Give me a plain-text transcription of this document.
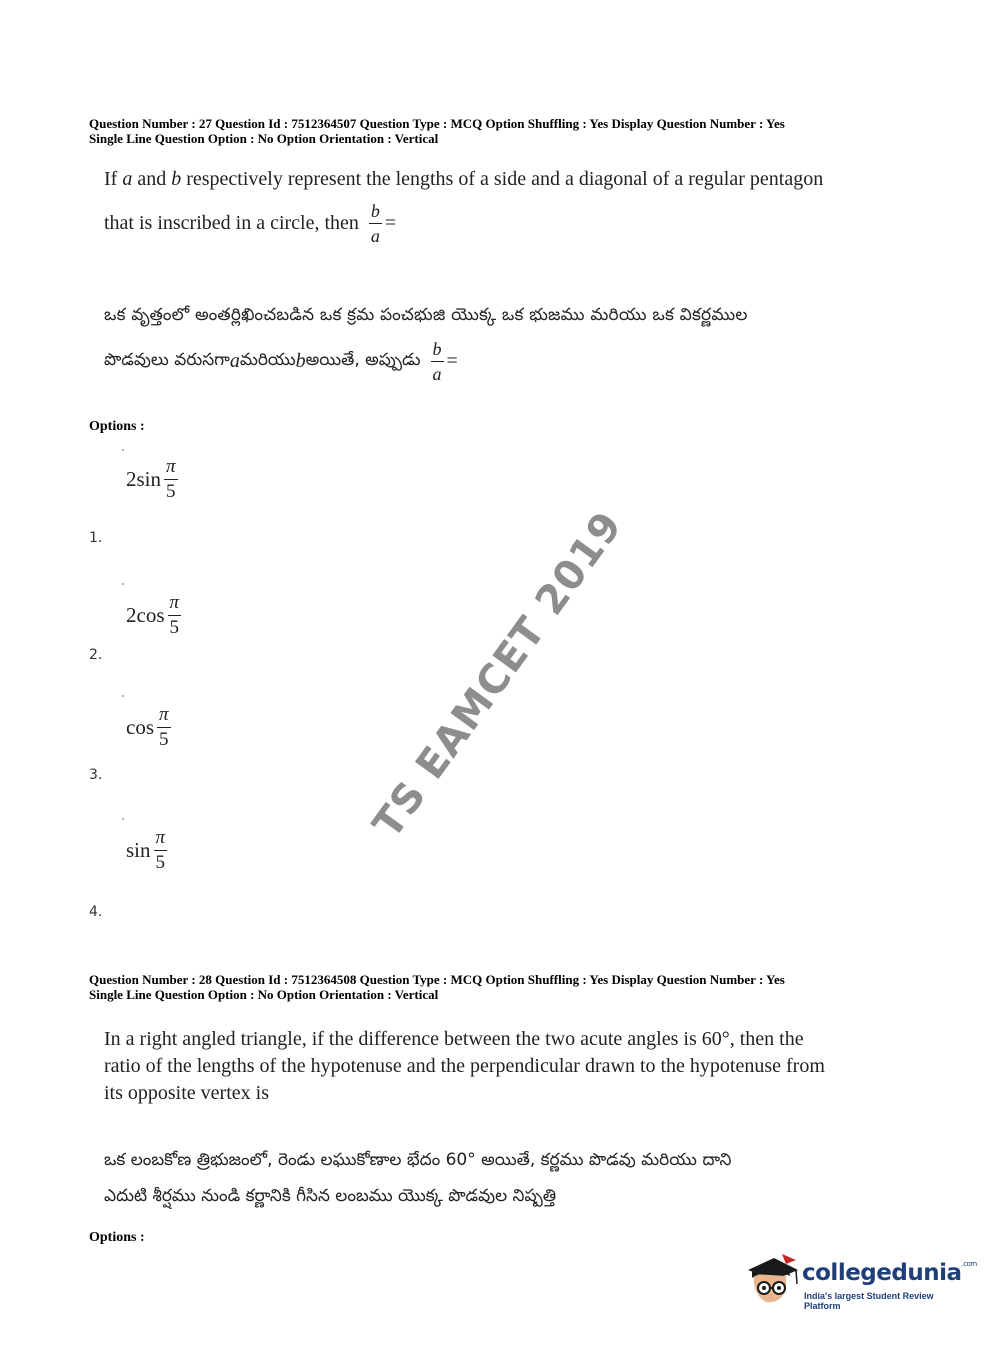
Question Number : 27 Question Id : 7512364507 Question Type : MCQ Option Shuffling : Yes Display Question Number : Yes
Single Line Question Option : No Option Orientation : Vertical
If a and b respectively represent the lengths of a side and a diagonal of a regular pentagon
that is inscribed in a circle, then $\frac{b}{a}$ =
ఒక వృత్తంలో అంతర్లిఖించబడిన ఒక క్రమ పంచభుజి యొక్క ఒక భుజము మరియు ఒక వికర్ణముల
పొడవులు వరుసగా a మరియు b అయితే, అప్పుడు $\frac{b}{a}$ =
Options :
2 $\sin \frac{\pi}{5}$
1.
2 $\cos \frac{\pi}{5}$
2.
$\cos \frac{\pi}{5}$
3.
$\sin \frac{\pi}{5}$
4.
Question Number : 28 Question Id : 7512364508 Question Type : MCQ Option Shuffling : Yes Display Question Number : Yes
Single Line Question Option : No Option Orientation : Vertical
In a right angled triangle, if the difference between the two acute angles is 60°, then the
ratio of the lengths of the hypotenuse and the perpendicular drawn to the hypotenuse from
its opposite vertex is
ఒక లంబకోణ త్రిభుజంలో, రెండు లఘుకోణాల భేదం 60° అయితే, కర్ణము పొడవు మరియు దాని
ఎదుటి శీర్షము నుండి కర్ణానికి గీసిన లంబము యొక్క పొడవుల నిష్పత్తి
Options :
TS EAMCET 2019
collegedunia$^{.com}$
India's largest Student Review Platform
